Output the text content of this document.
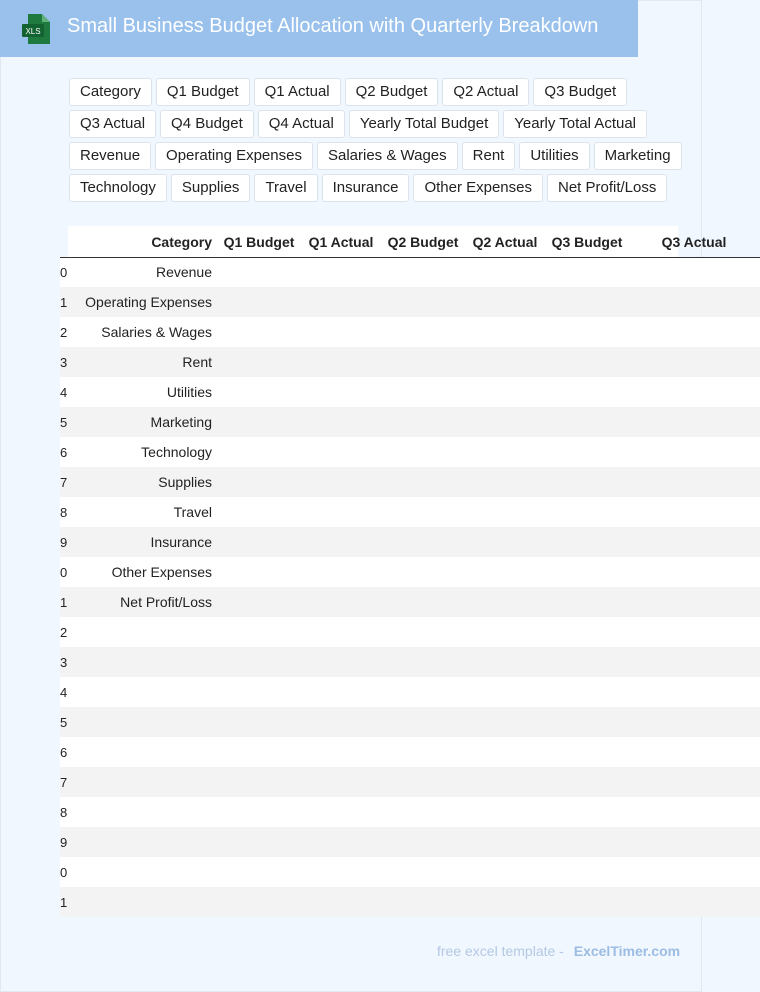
XLS Small Business Budget Allocation with Quarterly Breakdown
Category	Q1 Budget	Q1 Actual	Q2 Budget	Q2 Actual	Q3 Budget
Q3 Actual	Q4 Budget	Q4 Actual	Yearly Total Budget	Yearly Total Actual
Revenue	Operating Expenses	Salaries & Wages	Rent	Utilities	Marketing
Technology	Supplies	Travel	Insurance	Other Expenses	Net Profit/Loss
	Category	Q1 Budget	Q1 Actual	Q2 Budget	Q2 Actual	Q3 Budget	Q3 Actual
0	Revenue						
1	Operating Expenses						
2	Salaries & Wages						
3	Rent						
4	Utilities						
5	Marketing						
6	Technology						
7	Supplies						
8	Travel						
9	Insurance						
0	Other Expenses						
1	Net Profit/Loss						
2							
3							
4							
5							
6							
7							
8							
9							
0							
1							
free excel template - ExcelTimer.com
